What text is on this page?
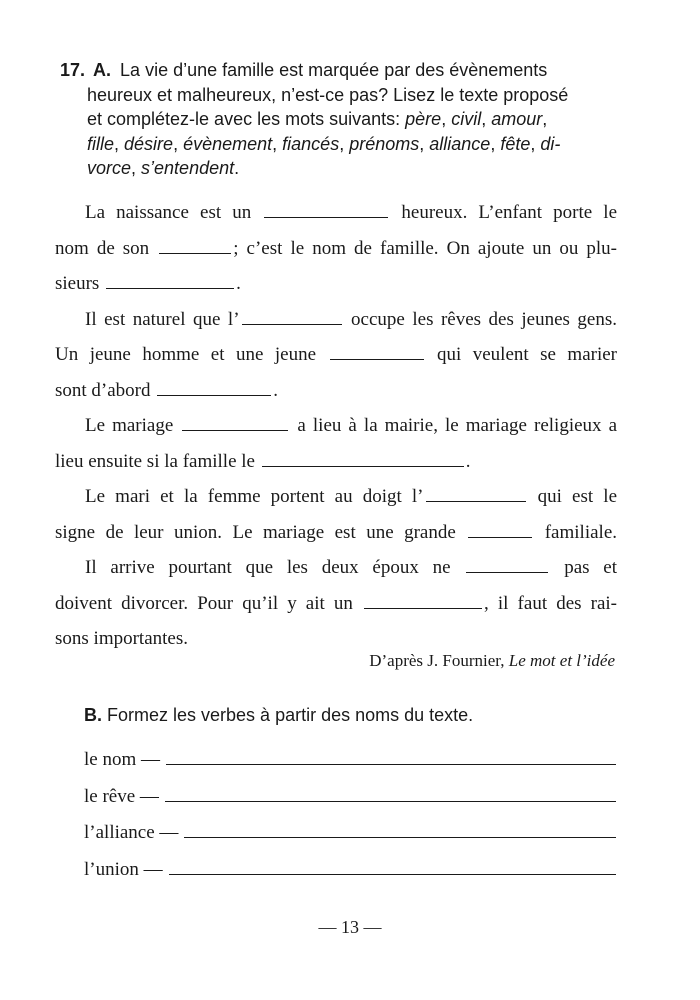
17. A. La vie d’une famille est marquée par des évènements
heureux et malheureux, n’est-ce pas? Lisez le texte proposé
et complétez-le avec les mots suivants: père, civil, amour,
fille, désire, évènement, fiancés, prénoms, alliance, fête, di-
vorce, s’entendent.
La naissance est un	heureux. L’enfant porte le
nom de son	; c’est le nom de famille. On ajoute un ou plu-
sieurs	.
Il est naturel que l’	occupe les rêves des jeunes gens.
Un jeune homme et une jeune	qui veulent se marier
sont d’abord	.
Le mariage	a lieu à la mairie, le mariage religieux a
lieu ensuite si la famille le	.
Le mari et la femme portent au doigt l’	qui est le
signe de leur union. Le mariage est une grande	familiale.
Il arrive pourtant que les deux époux ne	pas et
doivent divorcer. Pour qu’il y ait un	, il faut des rai-
sons importantes.
D’après J. Fournier, Le mot et l’idée
B. Formez les verbes à partir des noms du texte.
le nom —
le rêve —
l’alliance —
l’union —
— 13 —
